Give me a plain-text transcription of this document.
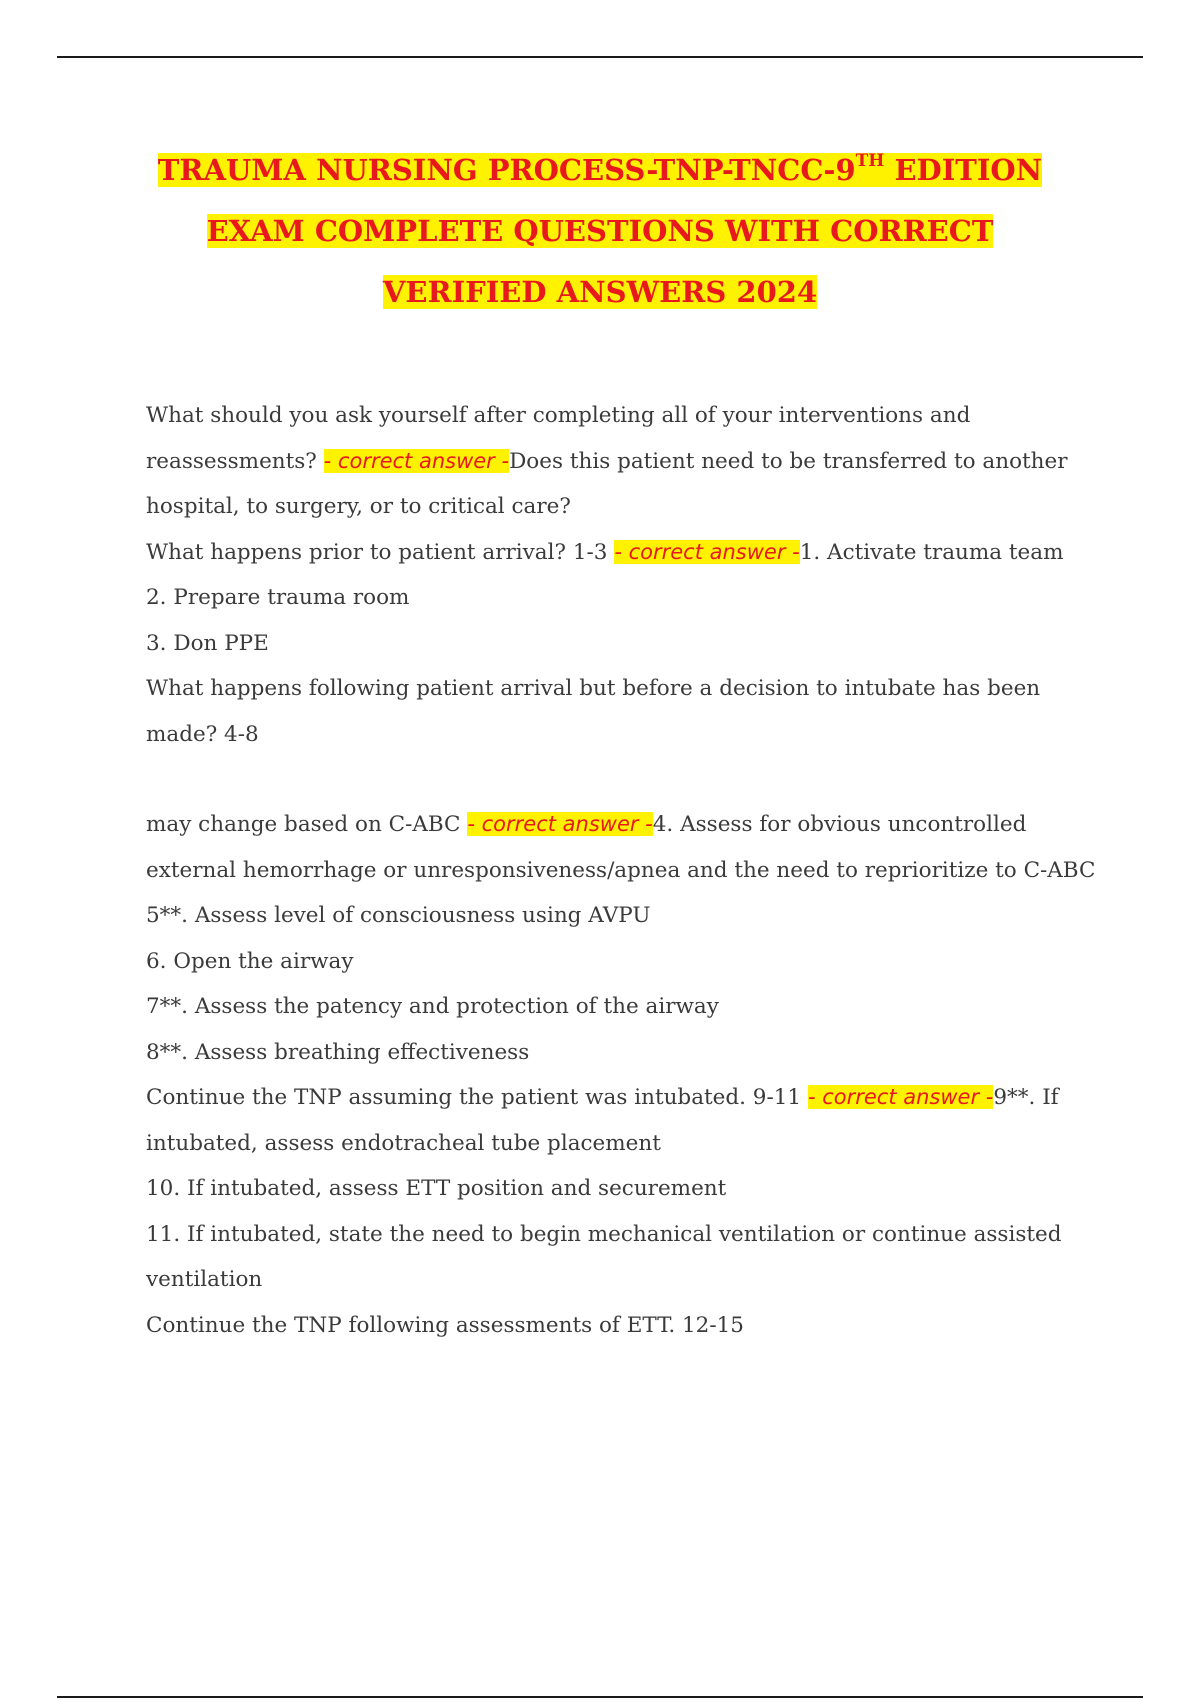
TRAUMA NURSING PROCESS-TNP-TNCC-9TH EDITION
EXAM COMPLETE QUESTIONS WITH CORRECT
VERIFIED ANSWERS 2024

What should you ask yourself after completing all of your interventions and reassessments? - correct answer -Does this patient need to be transferred to another hospital, to surgery, or to critical care?

What happens prior to patient arrival? 1-3 - correct answer -1. Activate trauma team

2. Prepare trauma room

3. Don PPE

What happens following patient arrival but before a decision to intubate has been made? 4-8

may change based on C-ABC - correct answer -4. Assess for obvious uncontrolled external hemorrhage or unresponsiveness/apnea and the need to reprioritize to C-ABC

5**. Assess level of consciousness using AVPU

6. Open the airway

7**. Assess the patency and protection of the airway

8**. Assess breathing effectiveness

Continue the TNP assuming the patient was intubated. 9-11 - correct answer -9**. If intubated, assess endotracheal tube placement

10. If intubated, assess ETT position and securement

11. If intubated, state the need to begin mechanical ventilation or continue assisted ventilation

Continue the TNP following assessments of ETT. 12-15
